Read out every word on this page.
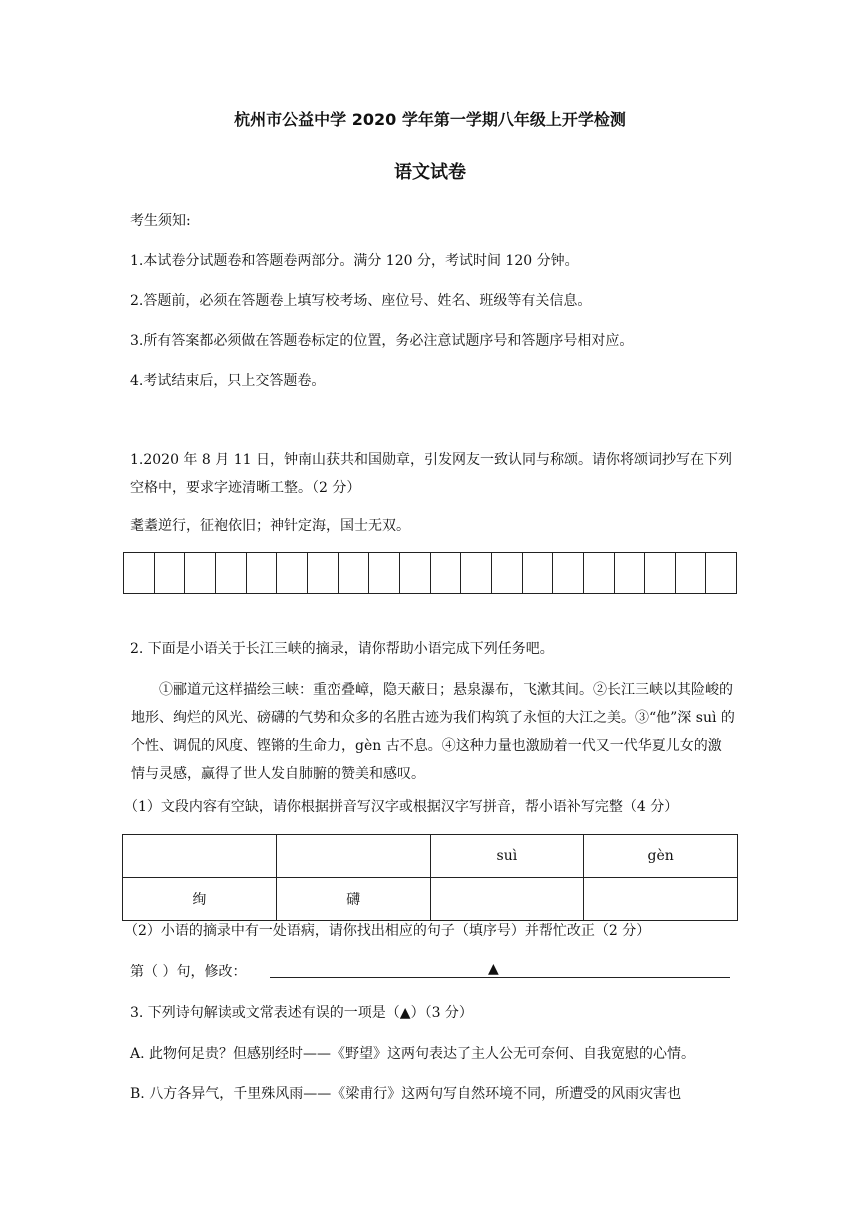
杭州市公益中学 2020 学年第一学期八年级上开学检测
语文试卷
考生须知:
1.本试卷分试题卷和答题卷两部分。满分 120 分，考试时间 120 分钟。
2.答题前，必须在答题卷上填写校考场、座位号、姓名、班级等有关信息。
3.所有答案都必须做在答题卷标定的位置，务必注意试题序号和答题序号相对应。
4.考试结束后，只上交答题卷。
1.2020 年 8 月 11 日，钟南山获共和国勋章，引发网友一致认同与称颂。请你将颂词抄写在下列空格中，要求字迹清晰工整。（2 分）
耄耋逆行，征袍依旧；神针定海，国士无双。
2. 下面是小语关于长江三峡的摘录，请你帮助小语完成下列任务吧。
①郦道元这样描绘三峡：重峦叠嶂，隐天蔽日；悬泉瀑布，飞漱其间。②长江三峡以其险峻的地形、绚烂的风光、磅礴的气势和众多的名胜古迹为我们构筑了永恒的大江之美。③“他”深 suì 的个性、调侃的风度、铿锵的生命力，gèn 古不息。④这种力量也激励着一代又一代华夏儿女的激情与灵感，赢得了世人发自肺腑的赞美和感叹。
（1）文段内容有空缺，请你根据拼音写汉字或根据汉字写拼音，帮小语补写完整（4 分）
		suì	gèn
绚	礴		
（2）小语的摘录中有一处语病，请你找出相应的句子（填序号）并帮忙改正（2 分）
第（ ）句，修改：	▲
3. 下列诗句解读或文常表述有误的一项是（▲）（3 分）
A. 此物何足贵？但感别经时——《野望》这两句表达了主人公无可奈何、自我宽慰的心情。
B. 八方各异气，千里殊风雨——《梁甫行》这两句写自然环境不同，所遭受的风雨灾害也
